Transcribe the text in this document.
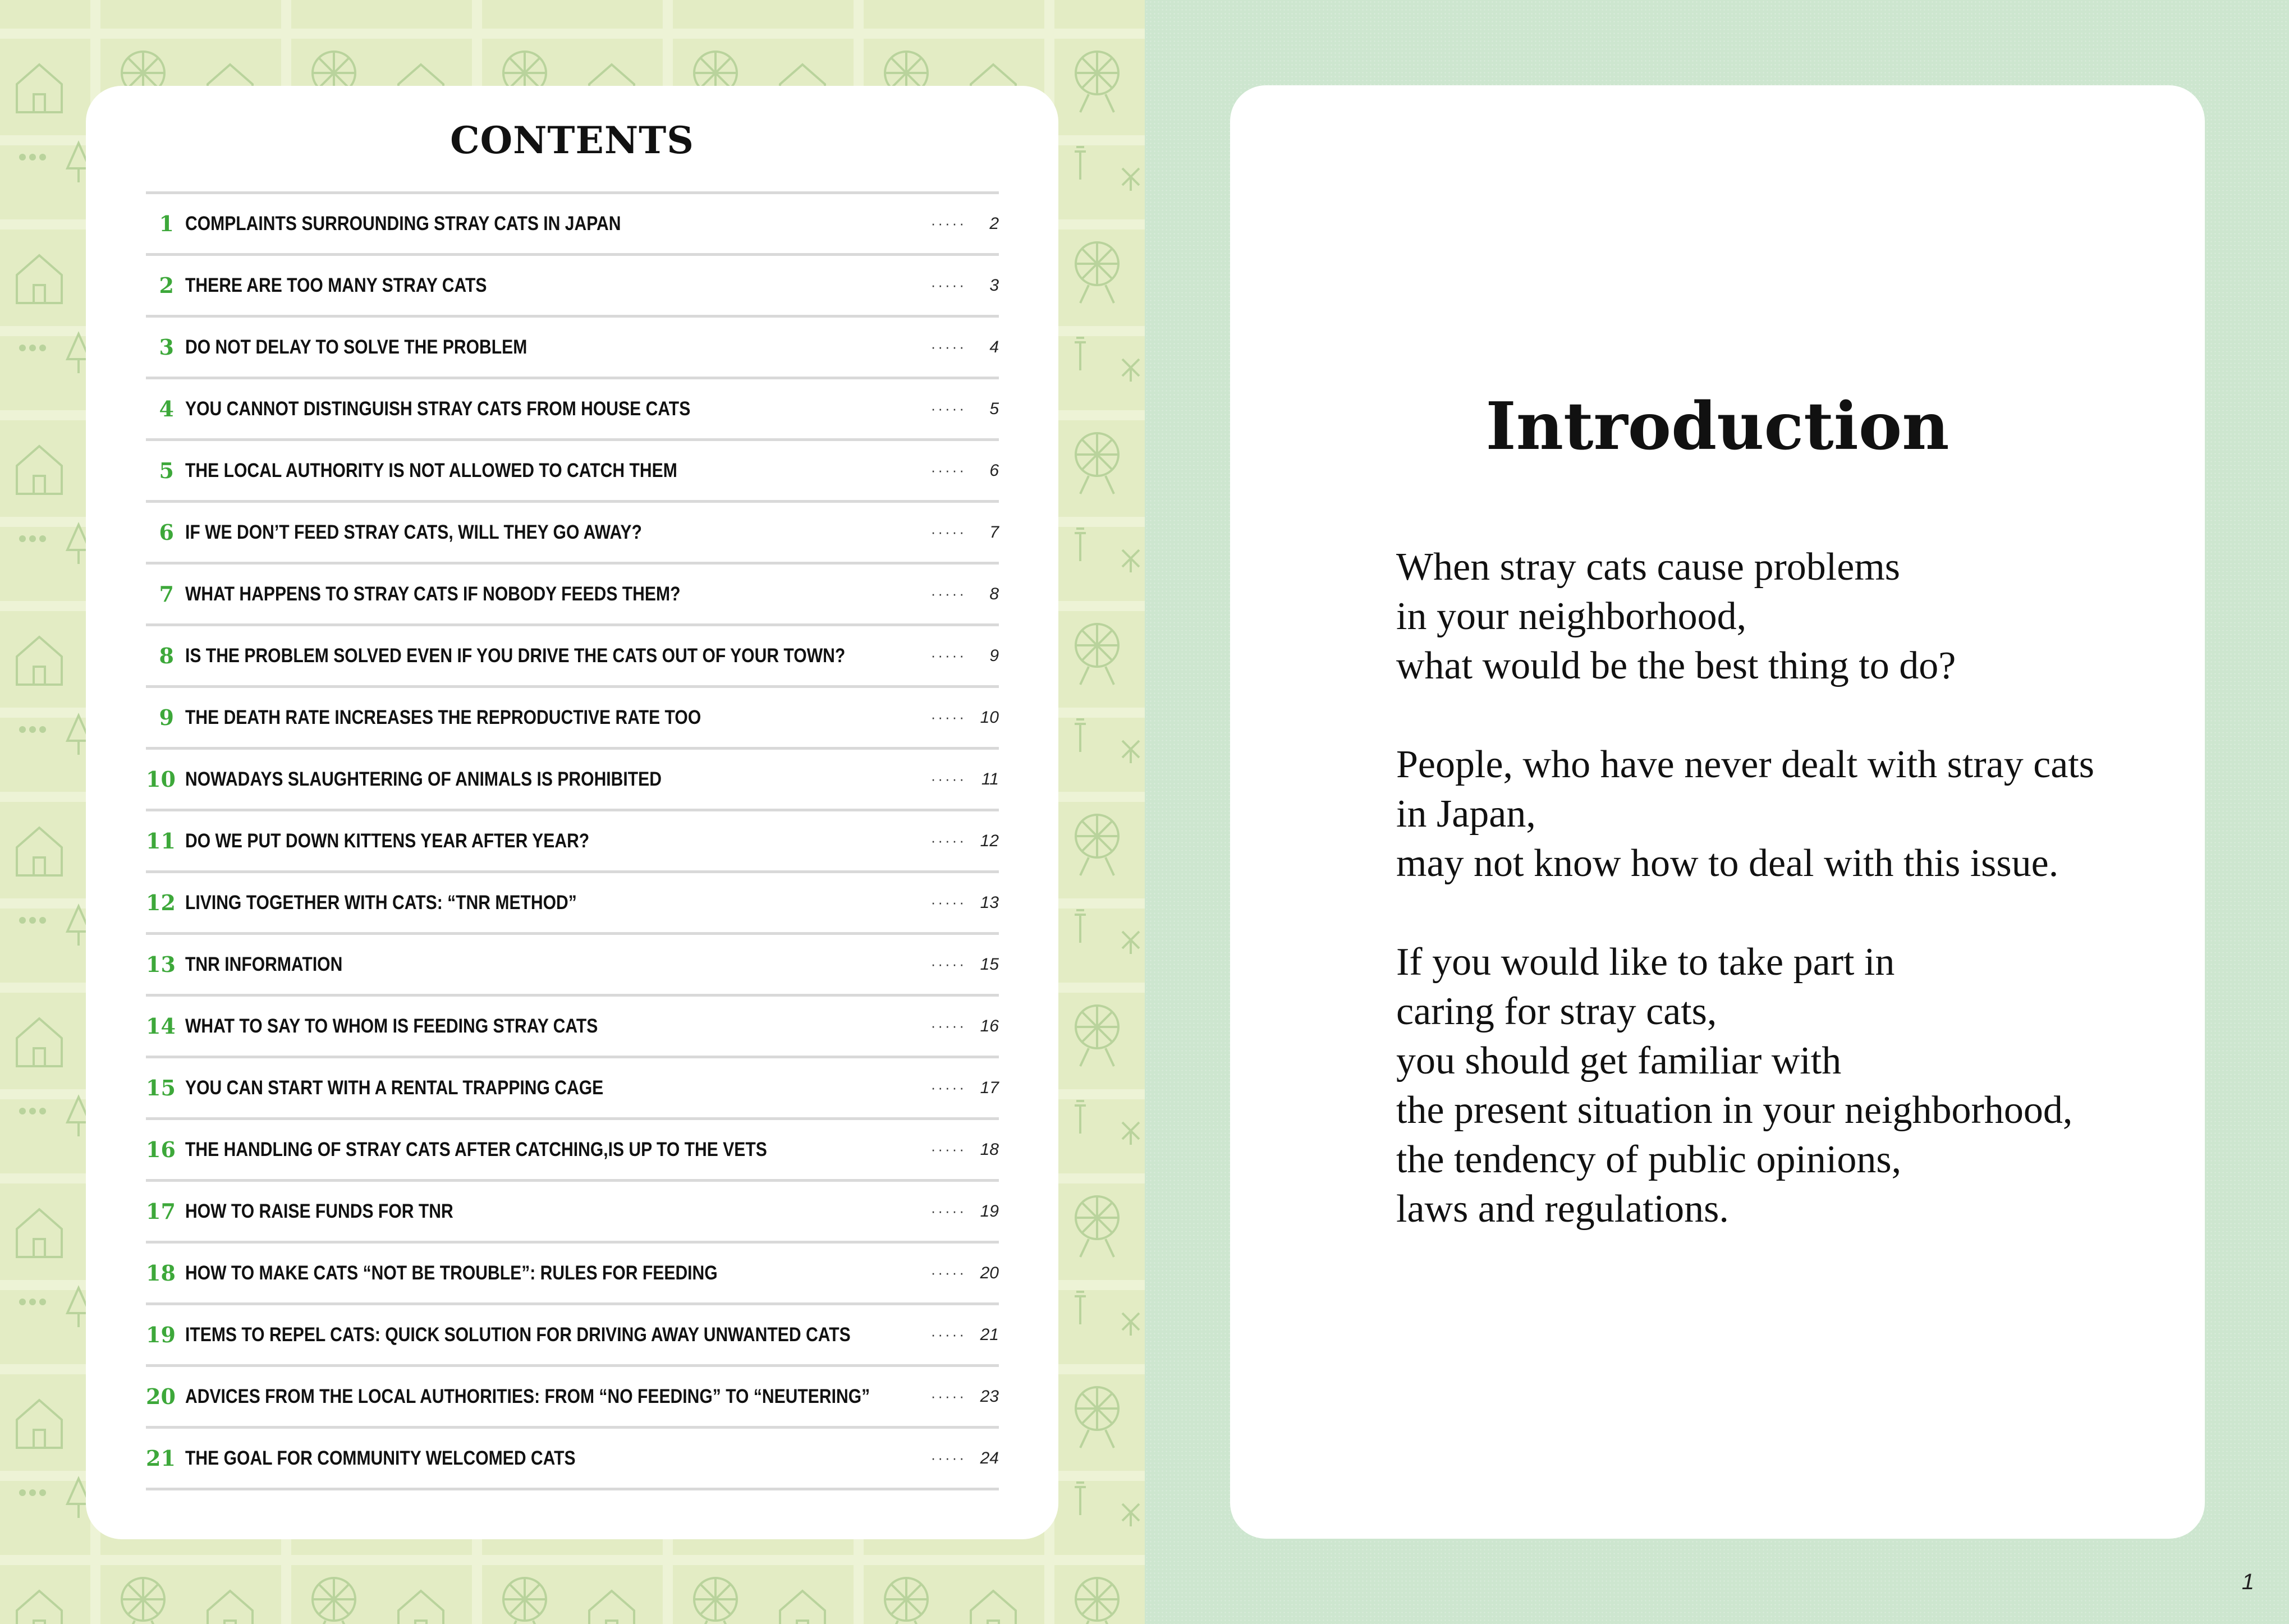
CONTENTS
1 COMPLAINTS SURROUNDING STRAY CATS IN JAPAN	····· 2
2 THERE ARE TOO MANY STRAY CATS	····· 3
3 DO NOT DELAY TO SOLVE THE PROBLEM	····· 4
4 YOU CANNOT DISTINGUISH STRAY CATS FROM HOUSE CATS	····· 5
5 THE LOCAL AUTHORITY IS NOT ALLOWED TO CATCH THEM	····· 6
6 IF WE DON’T FEED STRAY CATS, WILL THEY GO AWAY?	····· 7
7 WHAT HAPPENS TO STRAY CATS IF NOBODY FEEDS THEM?	····· 8
8 IS THE PROBLEM SOLVED EVEN IF YOU DRIVE THE CATS OUT OF YOUR TOWN?	····· 9
9 THE DEATH RATE INCREASES THE REPRODUCTIVE RATE TOO	····· 10
10 NOWADAYS SLAUGHTERING OF ANIMALS IS PROHIBITED	····· 11
11 DO WE PUT DOWN KITTENS YEAR AFTER YEAR?	····· 12
12 LIVING TOGETHER WITH CATS: “TNR METHOD”	····· 13
13 TNR INFORMATION	····· 15
14 WHAT TO SAY TO WHOM IS FEEDING STRAY CATS	····· 16
15 YOU CAN START WITH A RENTAL TRAPPING CAGE	····· 17
16 THE HANDLING OF STRAY CATS AFTER CATCHING,IS UP TO THE VETS	····· 18
17 HOW TO RAISE FUNDS FOR TNR	····· 19
18 HOW TO MAKE CATS “NOT BE TROUBLE”: RULES FOR FEEDING	····· 20
19 ITEMS TO REPEL CATS: QUICK SOLUTION FOR DRIVING AWAY UNWANTED CATS	····· 21
20 ADVICES FROM THE LOCAL AUTHORITIES: FROM “NO FEEDING” TO “NEUTERING”	····· 23
21 THE GOAL FOR COMMUNITY WELCOMED CATS	····· 24
Introduction
When stray cats cause problems
in your neighborhood,
what would be the best thing to do?
People, who have never dealt with stray cats
in Japan,
may not know how to deal with this issue.
If you would like to take part in
caring for stray cats,
you should get familiar with
the present situation in your neighborhood,
the tendency of public opinions,
laws and regulations.
1
